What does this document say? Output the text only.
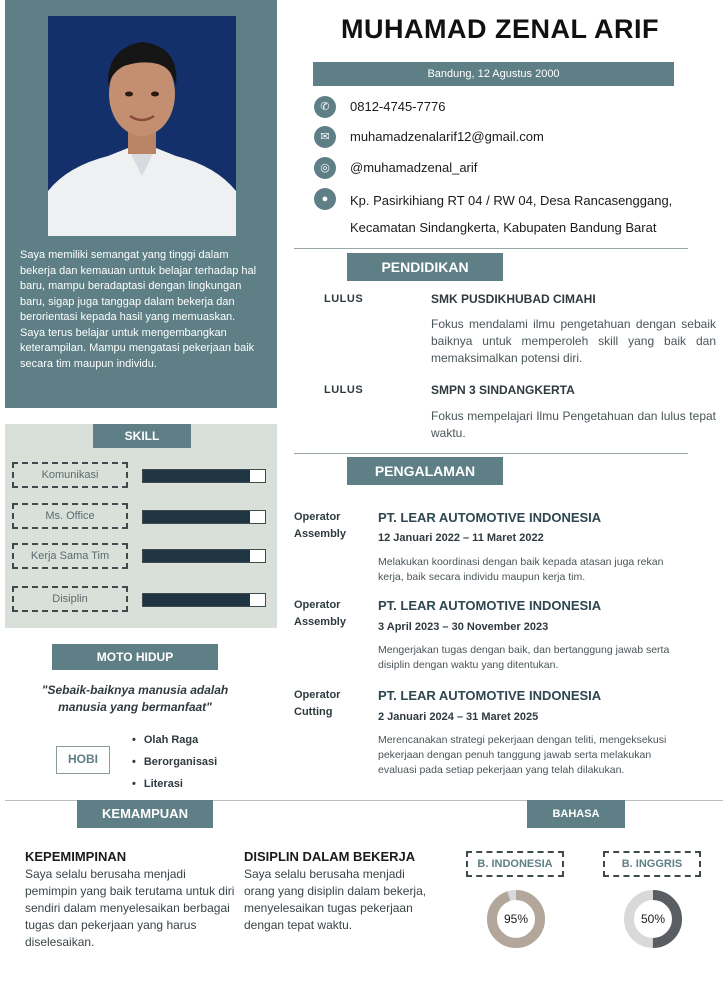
Saya memiliki semangat yang tinggi dalam bekerja dan kemauan untuk belajar terhadap hal baru, mampu beradaptasi dengan lingkungan baru, sigap juga tanggap dalam bekerja dan berorientasi kepada hasil yang memuaskan. Saya terus belajar untuk mengembangkan keterampilan. Mampu mengatasi pekerjaan baik secara tim maupun individu.
SKILL
Komunikasi
Ms. Office
Kerja Sama Tim
Disiplin
MOTO HIDUP
"Sebaik-baiknya manusia adalah manusia yang bermanfaat"
HOBI
• Olah Raga
• Berorganisasi
• Literasi
MUHAMAD ZENAL ARIF
Bandung, 12 Agustus 2000
✆	0812-4745-7776
✉	muhamadzenalarif12@gmail.com
◎	@muhamadzenal_arif
●	Kp. Pasirkihiang RT 04 / RW 04, Desa Rancasenggang,
Kecamatan Sindangkerta, Kabupaten Bandung Barat
PENDIDIKAN
LULUS	SMK PUSDIKHUBAD CIMAHI
Fokus mendalami ilmu pengetahuan dengan sebaik baiknya untuk memperoleh skill yang baik dan memaksimalkan potensi diri.
LULUS	SMPN 3 SINDANGKERTA
Fokus mempelajari Ilmu Pengetahuan dan lulus tepat waktu.
PENGALAMAN
Operator Assembly
PT. LEAR AUTOMOTIVE INDONESIA
12 Januari 2022 – 11 Maret 2022
Melakukan koordinasi dengan baik kepada atasan juga rekan kerja, baik secara individu maupun kerja tim.
Operator Assembly
PT. LEAR AUTOMOTIVE INDONESIA
3 April 2023 – 30 November 2023
Mengerjakan tugas dengan baik, dan bertanggung jawab serta disiplin dengan waktu yang ditentukan.
Operator Cutting
PT. LEAR AUTOMOTIVE INDONESIA
2 Januari 2024 – 31 Maret 2025
Merencanakan strategi pekerjaan dengan teliti, mengeksekusi pekerjaan dengan penuh tanggung jawab serta melakukan evaluasi pada setiap pekerjaan yang telah dilakukan.
KEMAMPUAN	BAHASA
KEPEMIMPINAN
Saya selalu berusaha menjadi pemimpin yang baik terutama untuk diri sendiri dalam menyelesaikan berbagai tugas dan pekerjaan yang harus diselesaikan.
DISIPLIN DALAM BEKERJA
Saya selalu berusaha menjadi orang yang disiplin dalam bekerja, menyelesaikan tugas pekerjaan dengan tepat waktu.
B. INDONESIA
95%
B. INGGRIS
50%
